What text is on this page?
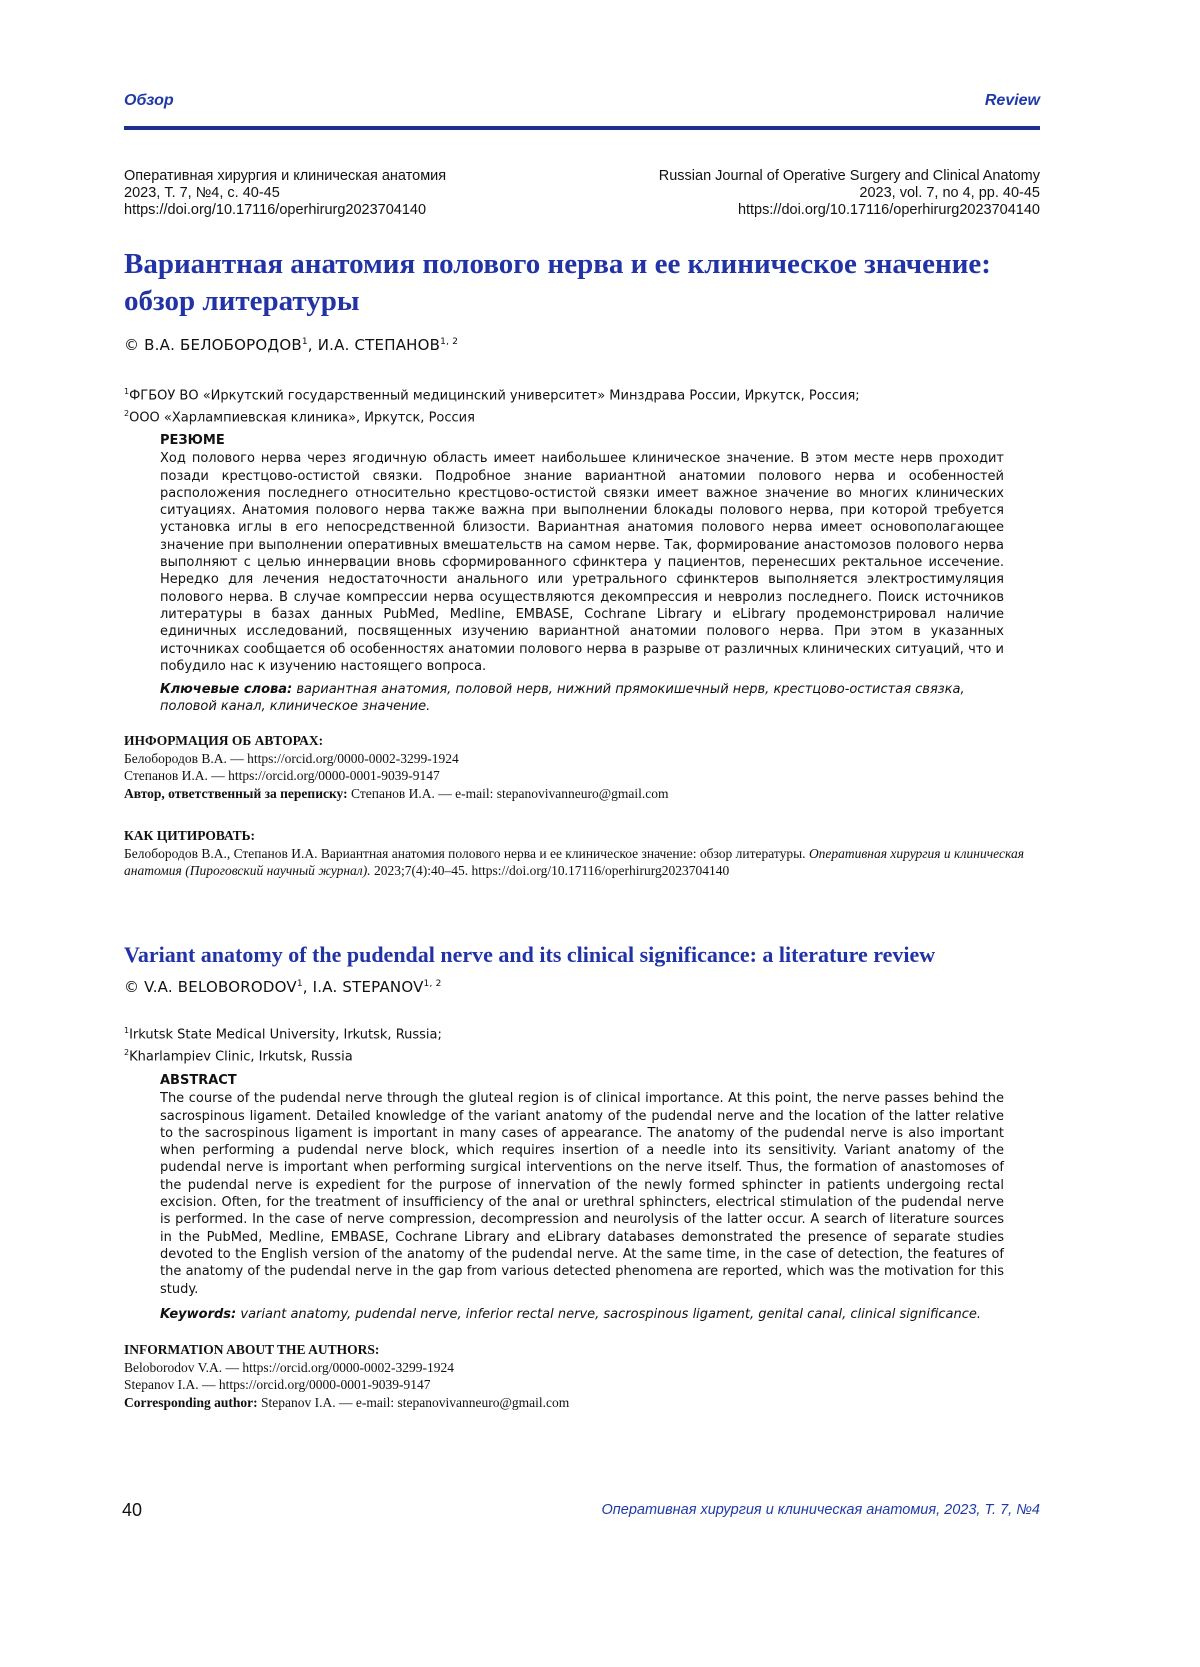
Обзор	Review
Оперативная хирургия и клиническая анатомия
2023, Т. 7, №4, с. 40-45
https://doi.org/10.17116/operhirurg2023704140
Russian Journal of Operative Surgery and Clinical Anatomy
2023, vol. 7, no 4, pp. 40-45
https://doi.org/10.17116/operhirurg2023704140
Вариантная анатомия полового нерва и ее клиническое значение:
обзор литературы
© В.А. БЕЛОБОРОДОВ$^1$, И.А. СТЕПАНОВ$^{1, 2}$
$^1$ФГБОУ ВО «Иркутский государственный медицинский университет» Минздрава России, Иркутск, Россия;
$^2$ООО «Харлампиевская клиника», Иркутск, Россия
РЕЗЮМЕ
Ход полового нерва через ягодичную область имеет наибольшее клиническое значение. В этом месте нерв проходит позади крестцово-остистой связки. Подробное знание вариантной анатомии полового нерва и особенностей расположения последнего относительно крестцово-остистой связки имеет важное значение во многих клинических ситуациях. Анатомия полового нерва также важна при выполнении блокады полового нерва, при которой требуется установка иглы в его непосредственной близости. Вариантная анатомия полового нерва имеет основополагающее значение при выполнении оперативных вмешательств на самом нерве. Так, формирование анастомозов полового нерва выполняют с целью иннервации вновь сформированного сфинктера у пациентов, перенесших ректальное иссечение. Нередко для лечения недостаточности анального или уретрального сфинктеров выполняется электростимуляция полового нерва. В случае компрессии нерва осуществляются декомпрессия и невролиз последнего. Поиск источников литературы в базах данных PubMed, Medline, EMBASE, Cochrane Library и eLibrary продемонстрировал наличие единичных исследований, посвященных изучению вариантной анатомии полового нерва. При этом в указанных источниках сообщается об особенностях анатомии полового нерва в разрыве от различных клинических ситуаций, что и побудило нас к изучению настоящего вопроса.
Ключевые слова: вариантная анатомия, половой нерв, нижний прямокишечный нерв, крестцово-остистая связка, половой канал, клиническое значение.
ИНФОРМАЦИЯ ОБ АВТОРАХ:
Белобородов В.А. — https://orcid.org/0000-0002-3299-1924
Степанов И.А. — https://orcid.org/0000-0001-9039-9147
Автор, ответственный за переписку: Степанов И.А. — e-mail: stepanovivanneuro@gmail.com
КАК ЦИТИРОВАТЬ:
Белобородов В.А., Степанов И.А. Вариантная анатомия полового нерва и ее клиническое значение: обзор литературы. Оперативная хирургия и клиническая анатомия (Пироговский научный журнал). 2023;7(4):40–45. https://doi.org/10.17116/operhirurg2023704140
Variant anatomy of the pudendal nerve and its clinical significance: a literature review
© V.A. BELOBORODOV$^1$, I.A. STEPANOV$^{1, 2}$
$^1$Irkutsk State Medical University, Irkutsk, Russia;
$^2$Kharlampiev Clinic, Irkutsk, Russia
ABSTRACT
The course of the pudendal nerve through the gluteal region is of clinical importance. At this point, the nerve passes behind the sacrospinous ligament. Detailed knowledge of the variant anatomy of the pudendal nerve and the location of the latter relative to the sacrospinous ligament is important in many cases of appearance. The anatomy of the pudendal nerve is also important when performing a pudendal nerve block, which requires insertion of a needle into its sensitivity. Variant anatomy of the pudendal nerve is important when performing surgical interventions on the nerve itself. Thus, the formation of anastomoses of the pudendal nerve is expedient for the purpose of innervation of the newly formed sphincter in patients undergoing rectal excision. Often, for the treatment of insufficiency of the anal or urethral sphincters, electrical stimulation of the pudendal nerve is performed. In the case of nerve compression, decompression and neurolysis of the latter occur. A search of literature sources in the PubMed, Medline, EMBASE, Cochrane Library and eLibrary databases demonstrated the presence of separate studies devoted to the English version of the anatomy of the pudendal nerve. At the same time, in the case of detection, the features of the anatomy of the pudendal nerve in the gap from various detected phenomena are reported, which was the motivation for this study.
Keywords: variant anatomy, pudendal nerve, inferior rectal nerve, sacrospinous ligament, genital canal, clinical significance.
INFORMATION ABOUT THE AUTHORS:
Beloborodov V.A. — https://orcid.org/0000-0002-3299-1924
Stepanov I.A. — https://orcid.org/0000-0001-9039-9147
Corresponding author: Stepanov I.A. — e-mail: stepanovivanneuro@gmail.com
40	Оперативная хирургия и клиническая анатомия, 2023, Т. 7, №4
